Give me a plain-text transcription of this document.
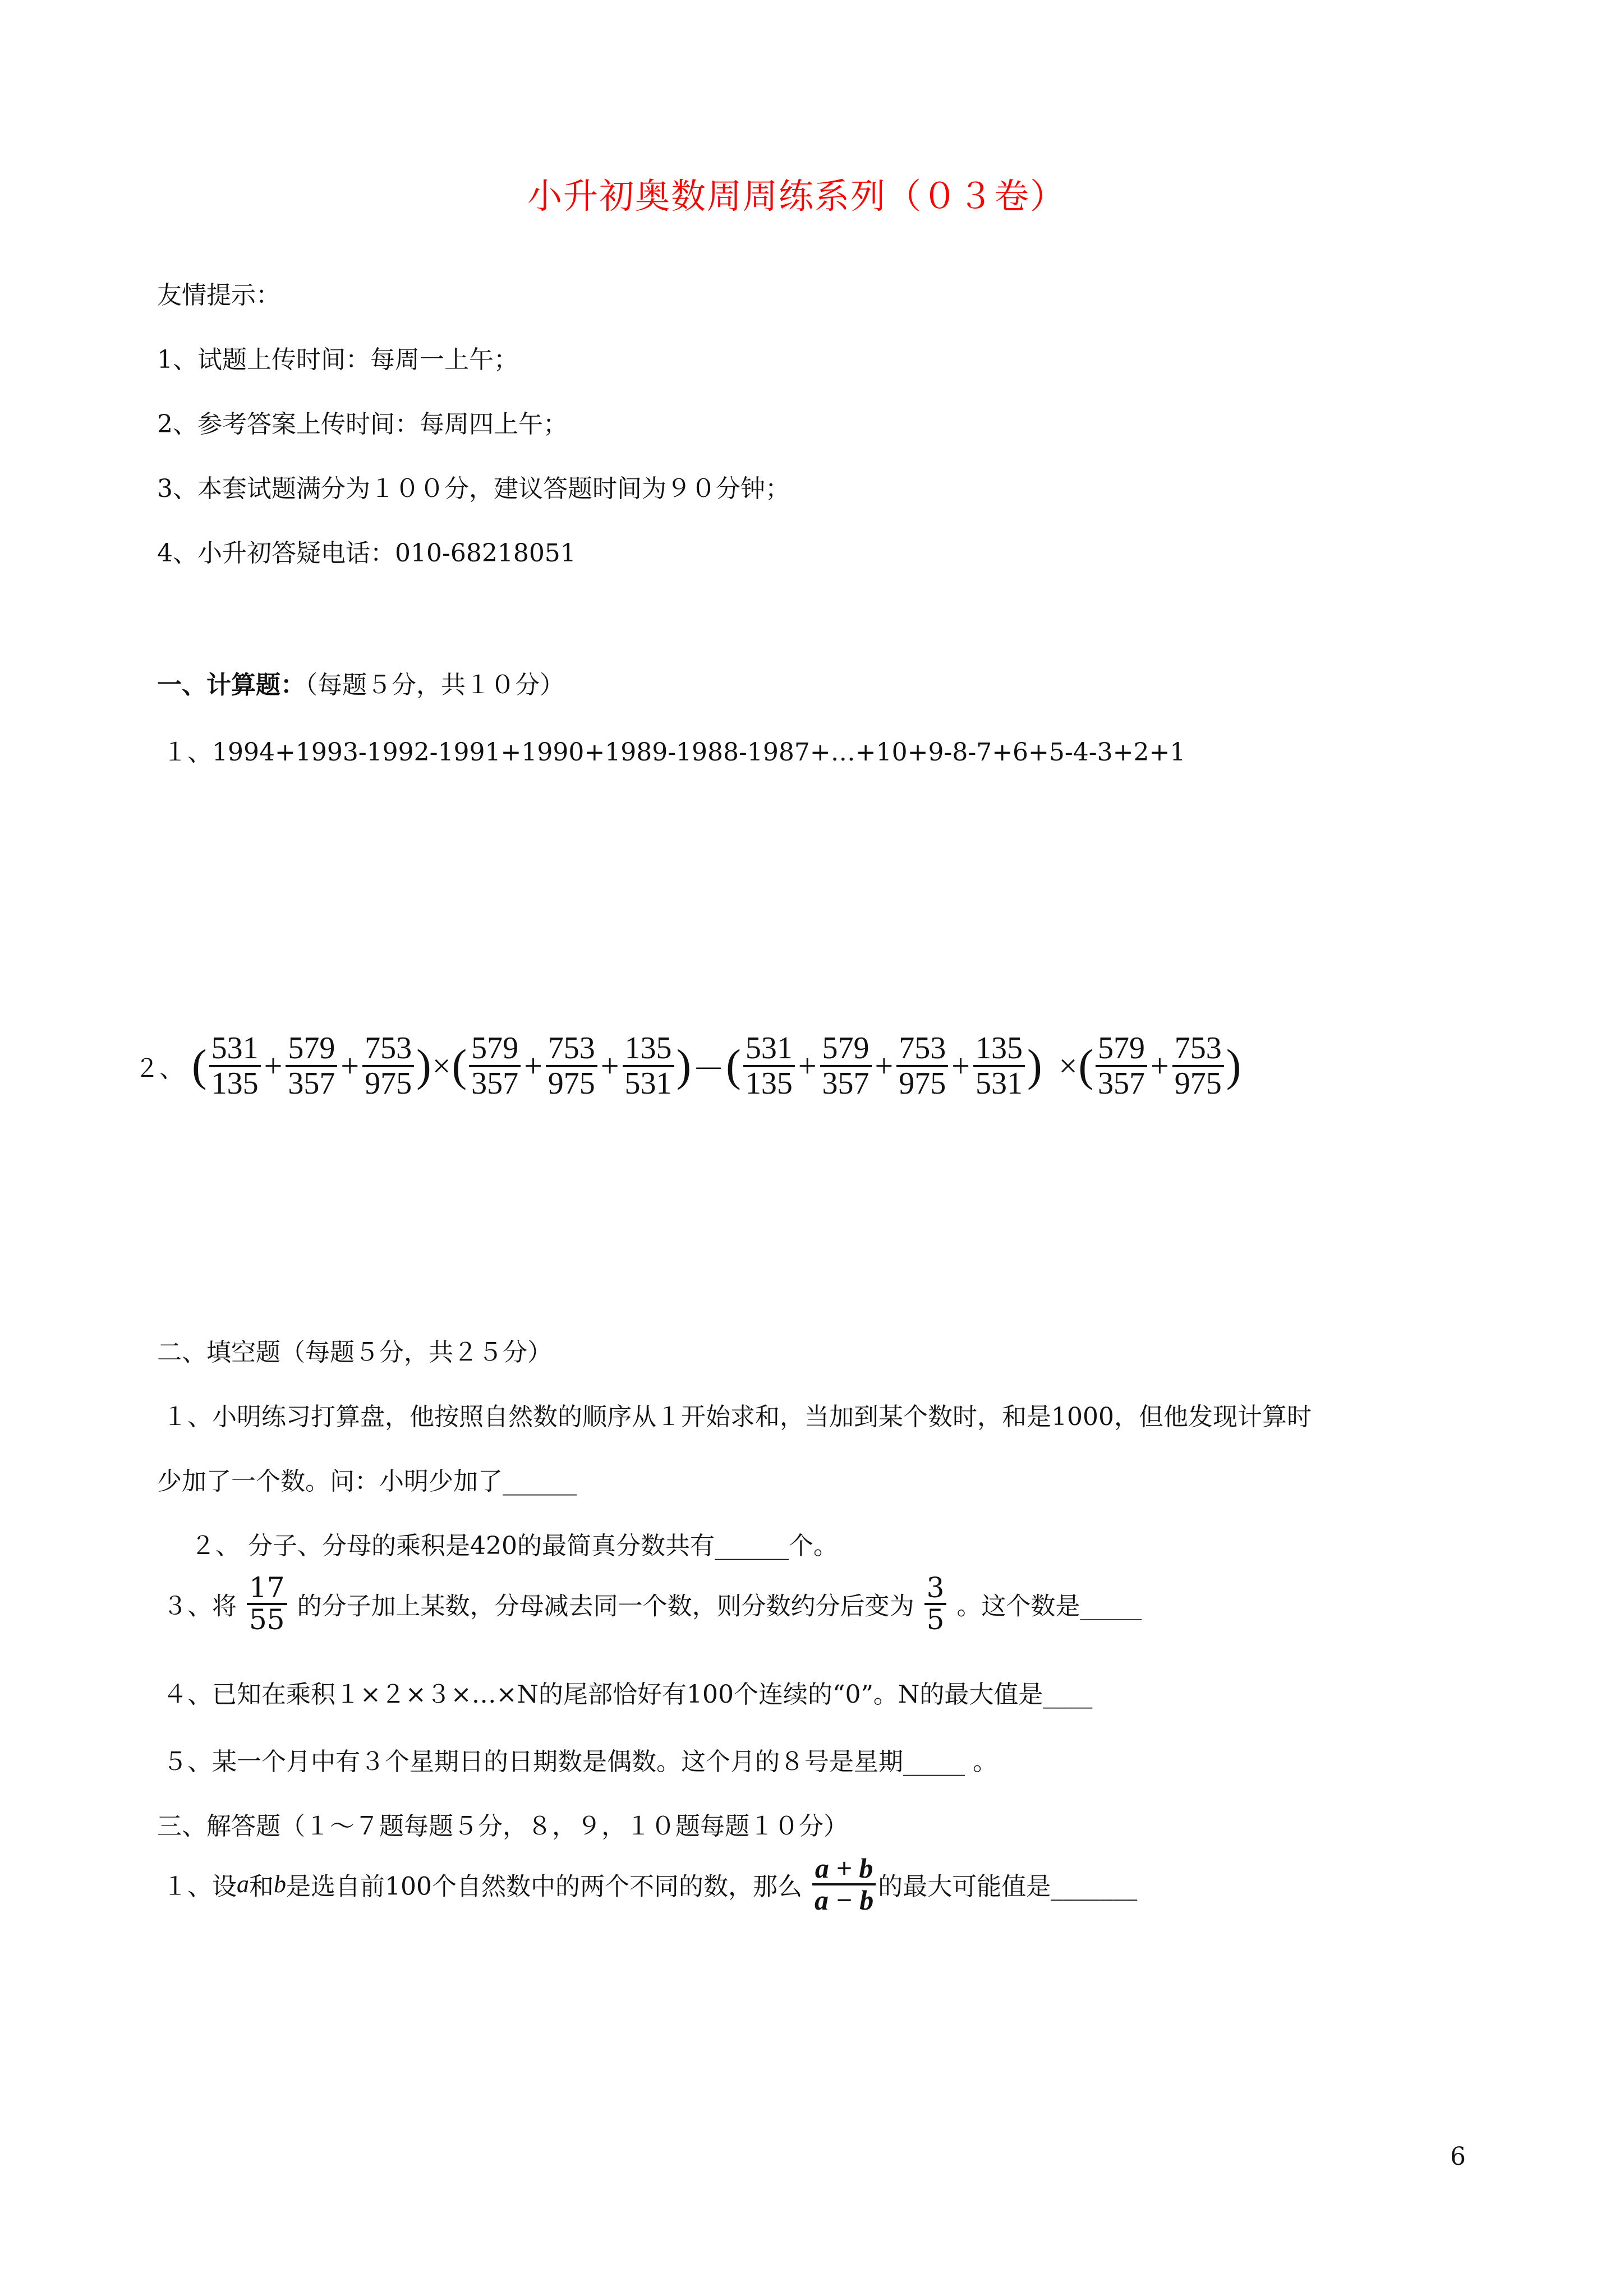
小升初奥数周周练系列（０３卷）
友情提示：
1、试题上传时间：每周一上午；
2、参考答案上传时间：每周四上午；
3、本套试题满分为１００分，建议答题时间为９０分钟；
4、小升初答疑电话：010-68218051
一、计算题：（每题５分，共１０分）
１、1994+1993-1992-1991+1990+1989-1988-1987+…+10+9-8-7+6+5-4-3+2+1
２、 ( $\frac{531}{135} + \frac{579}{357} + \frac{753}{975}$ )×( $\frac{579}{357} + \frac{753}{975} + \frac{135}{531}$ )－( $\frac{531}{135} + \frac{579}{357} + \frac{753}{975} + \frac{135}{531}$ ) ×( $\frac{579}{357} + \frac{753}{975}$ )
二、填空题（每题５分，共２５分）
１、小明练习打算盘，他按照自然数的顺序从１开始求和，当加到某个数时，和是1000，但他发现计算时
少加了一个数。问：小明少加了______
２、 分子、分母的乘积是420的最简真分数共有______个。
３、将 $\frac{17}{55}$ 的分子加上某数，分母减去同一个数，则分数约分后变为 $\frac{3}{5}$ 。这个数是_____
４、已知在乘积１×２×３×…×N的尾部恰好有100个连续的“0”。N的最大值是____
５、某一个月中有３个星期日的日期数是偶数。这个月的８号是星期_____ 。
三、解答题（１～７题每题５分，８，９，１０题每题１０分）
１、设a和b是选自前100个自然数中的两个不同的数，那么 $\frac{a + b}{a - b}$ 的最大可能值是_______
6
